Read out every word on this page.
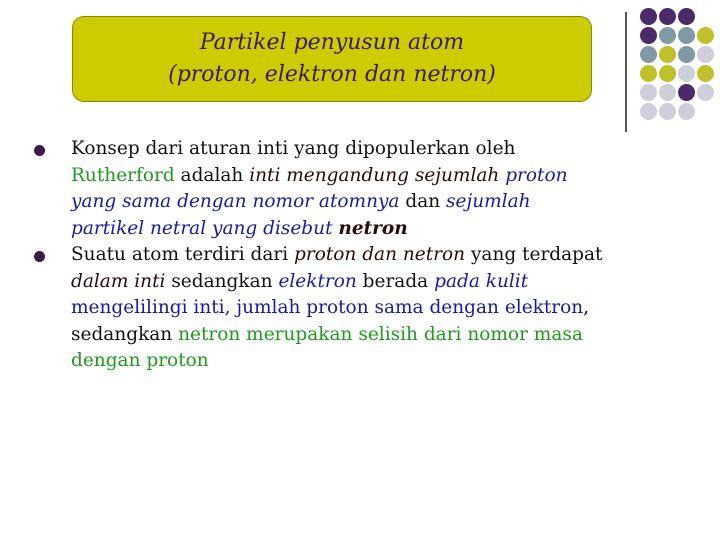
Partikel penyusun atom
(proton, elektron dan netron)
Konsep dari aturan inti yang dipopulerkan oleh
Rutherford adalah inti mengandung sejumlah proton
yang sama dengan nomor atomnya dan sejumlah
partikel netral yang disebut netron
Suatu atom terdiri dari proton dan netron yang terdapat
dalam inti sedangkan elektron berada pada kulit
mengelilingi inti, jumlah proton sama dengan elektron,
sedangkan netron merupakan selisih dari nomor masa
dengan proton
